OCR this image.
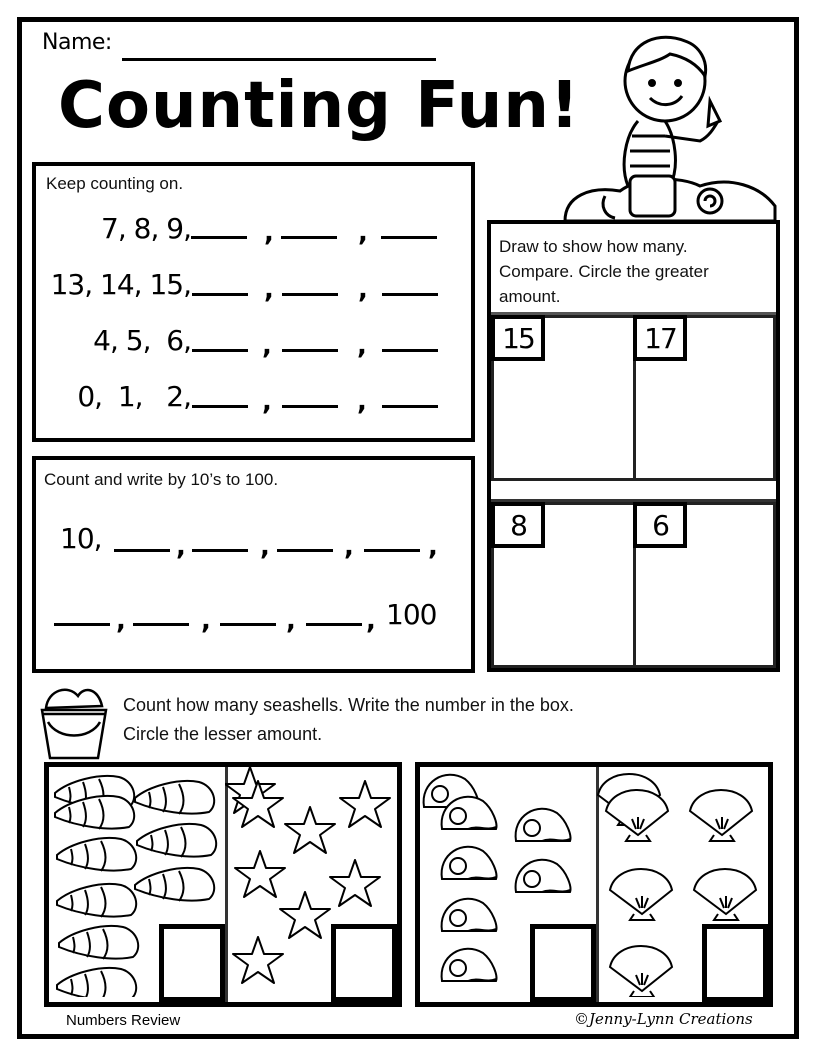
Name:
Counting Fun!
Keep counting on.
7, 8, 9,	,	,
13, 14, 15,	,	,
4, 5,  6,	,	,
0,  1,   2,	,	,
Count and write by 10’s to 100.
10,	,	,	,	,
,	,	,	, 100
Draw to show how many. Compare. Circle the greater amount.
15	17
8	6
Count how many seashells. Write the number in the box.
Circle the lesser amount.
Numbers Review	©Jenny-Lynn Creations
